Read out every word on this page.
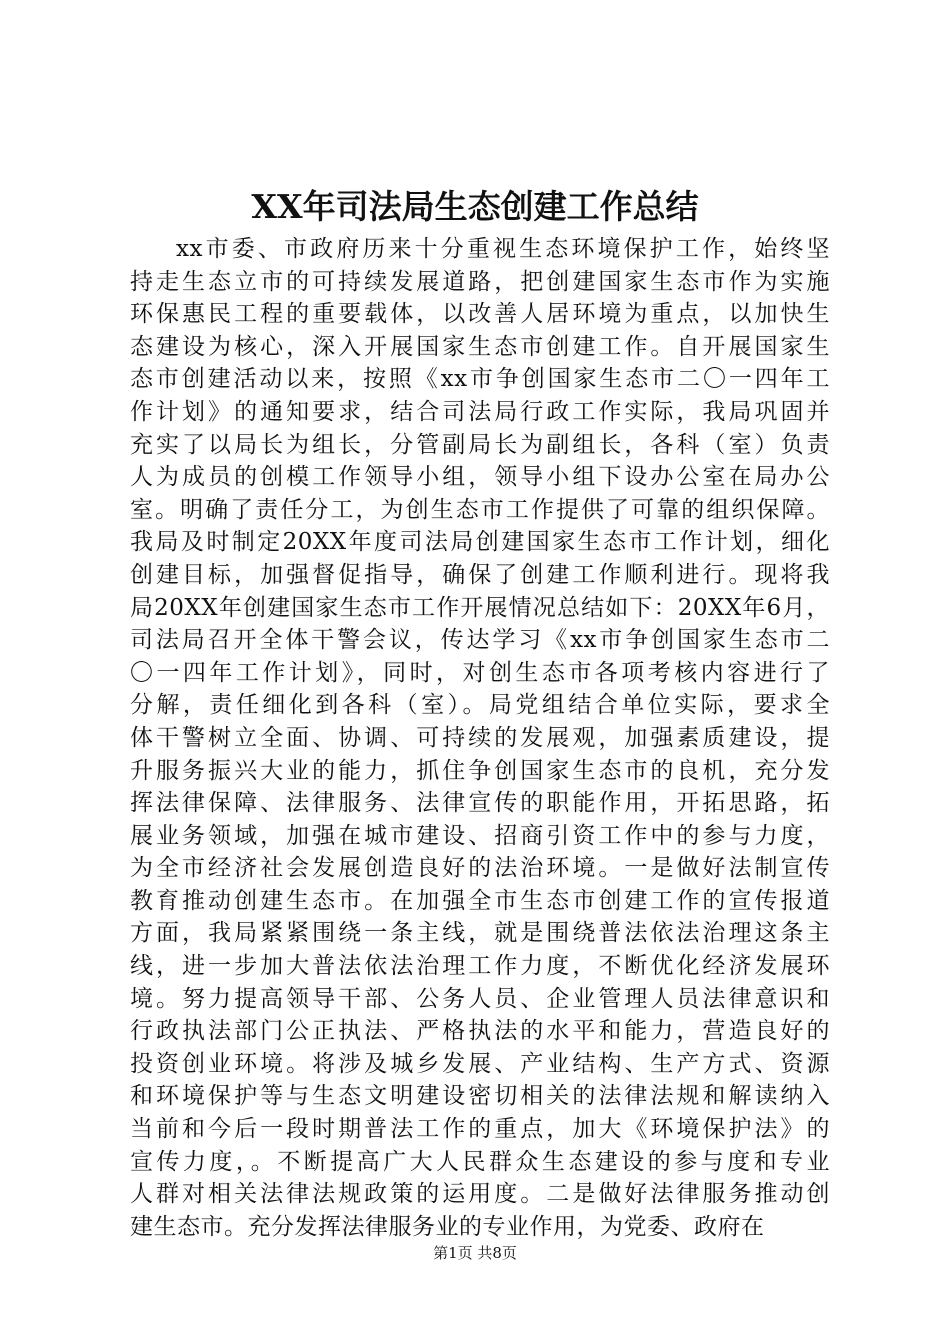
XX年司法局生态创建工作总结
xx市委、市政府历来十分重视生态环境保护工作，始终坚
持走生态立市的可持续发展道路，把创建国家生态市作为实施
环保惠民工程的重要载体，以改善人居环境为重点，以加快生
态建设为核心，深入开展国家生态市创建工作。自开展国家生
态市创建活动以来，按照《xx市争创国家生态市二〇一四年工
作计划》的通知要求，结合司法局行政工作实际，我局巩固并
充实了以局长为组长，分管副局长为副组长，各科（室）负责
人为成员的创模工作领导小组，领导小组下设办公室在局办公
室。明确了责任分工，为创生态市工作提供了可靠的组织保障。
我局及时制定20XX年度司法局创建国家生态市工作计划，细化
创建目标，加强督促指导，确保了创建工作顺利进行。现将我
局20XX年创建国家生态市工作开展情况总结如下：20XX年6月，
司法局召开全体干警会议，传达学习《xx市争创国家生态市二
〇一四年工作计划》，同时，对创生态市各项考核内容进行了
分解，责任细化到各科（室）。局党组结合单位实际，要求全
体干警树立全面、协调、可持续的发展观，加强素质建设，提
升服务振兴大业的能力，抓住争创国家生态市的良机，充分发
挥法律保障、法律服务、法律宣传的职能作用，开拓思路，拓
展业务领域，加强在城市建设、招商引资工作中的参与力度，
为全市经济社会发展创造良好的法治环境。一是做好法制宣传
教育推动创建生态市。在加强全市生态市创建工作的宣传报道
方面，我局紧紧围绕一条主线，就是围绕普法依法治理这条主
线，进一步加大普法依法治理工作力度，不断优化经济发展环
境。努力提高领导干部、公务人员、企业管理人员法律意识和
行政执法部门公正执法、严格执法的水平和能力，营造良好的
投资创业环境。将涉及城乡发展、产业结构、生产方式、资源
和环境保护等与生态文明建设密切相关的法律法规和解读纳入
当前和今后一段时期普法工作的重点，加大《环境保护法》的
宣传力度，。不断提高广大人民群众生态建设的参与度和专业
人群对相关法律法规政策的运用度。二是做好法律服务推动创
建生态市。充分发挥法律服务业的专业作用，为党委、政府在
第1页 共8页
